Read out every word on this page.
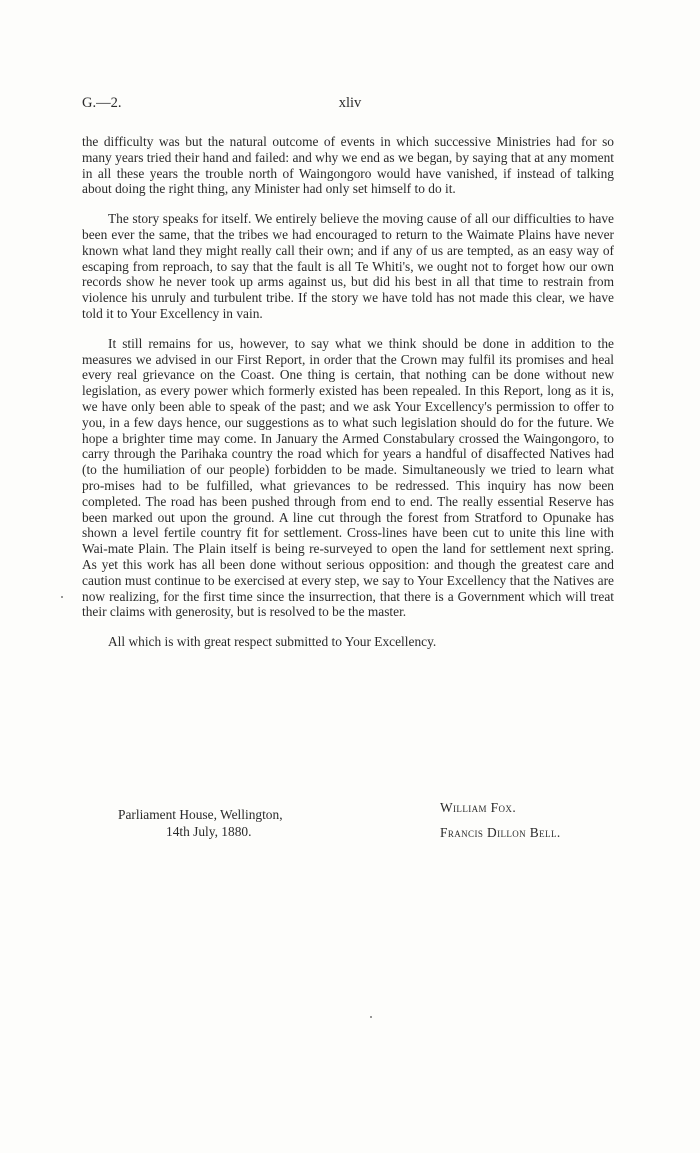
G.—2.	xliv

the difficulty was but the natural outcome of events in which successive Ministries had for so many years tried their hand and failed: and why we end as we began, by saying that at any moment in all these years the trouble north of Waingongoro would have vanished, if instead of talking about doing the right thing, any Minister had only set himself to do it.

The story speaks for itself. We entirely believe the moving cause of all our difficulties to have been ever the same, that the tribes we had encouraged to return to the Waimate Plains have never known what land they might really call their own; and if any of us are tempted, as an easy way of escaping from reproach, to say that the fault is all Te Whiti's, we ought not to forget how our own records show he never took up arms against us, but did his best in all that time to restrain from violence his unruly and turbulent tribe. If the story we have told has not made this clear, we have told it to Your Excellency in vain.

It still remains for us, however, to say what we think should be done in addition to the measures we advised in our First Report, in order that the Crown may fulfil its promises and heal every real grievance on the Coast. One thing is certain, that nothing can be done without new legislation, as every power which formerly existed has been repealed. In this Report, long as it is, we have only been able to speak of the past; and we ask Your Excellency's permission to offer to you, in a few days hence, our suggestions as to what such legislation should do for the future. We hope a brighter time may come. In January the Armed Constabulary crossed the Waingongoro, to carry through the Parihaka country the road which for years a handful of disaffected Natives had (to the humiliation of our people) forbidden to be made. Simultaneously we tried to learn what pro-mises had to be fulfilled, what grievances to be redressed. This inquiry has now been completed. The road has been pushed through from end to end. The really essential Reserve has been marked out upon the ground. A line cut through the forest from Stratford to Opunake has shown a level fertile country fit for settlement. Cross-lines have been cut to unite this line with Wai-mate Plain. The Plain itself is being re-surveyed to open the land for settlement next spring. As yet this work has all been done without serious opposition: and though the greatest care and caution must continue to be exercised at every step, we say to Your Excellency that the Natives are now realizing, for the first time since the insurrection, that there is a Government which will treat their claims with generosity, but is resolved to be the master.

All which is with great respect submitted to Your Excellency.

William Fox.
Francis Dillon Bell.
Parliament House, Wellington,
14th July, 1880.
